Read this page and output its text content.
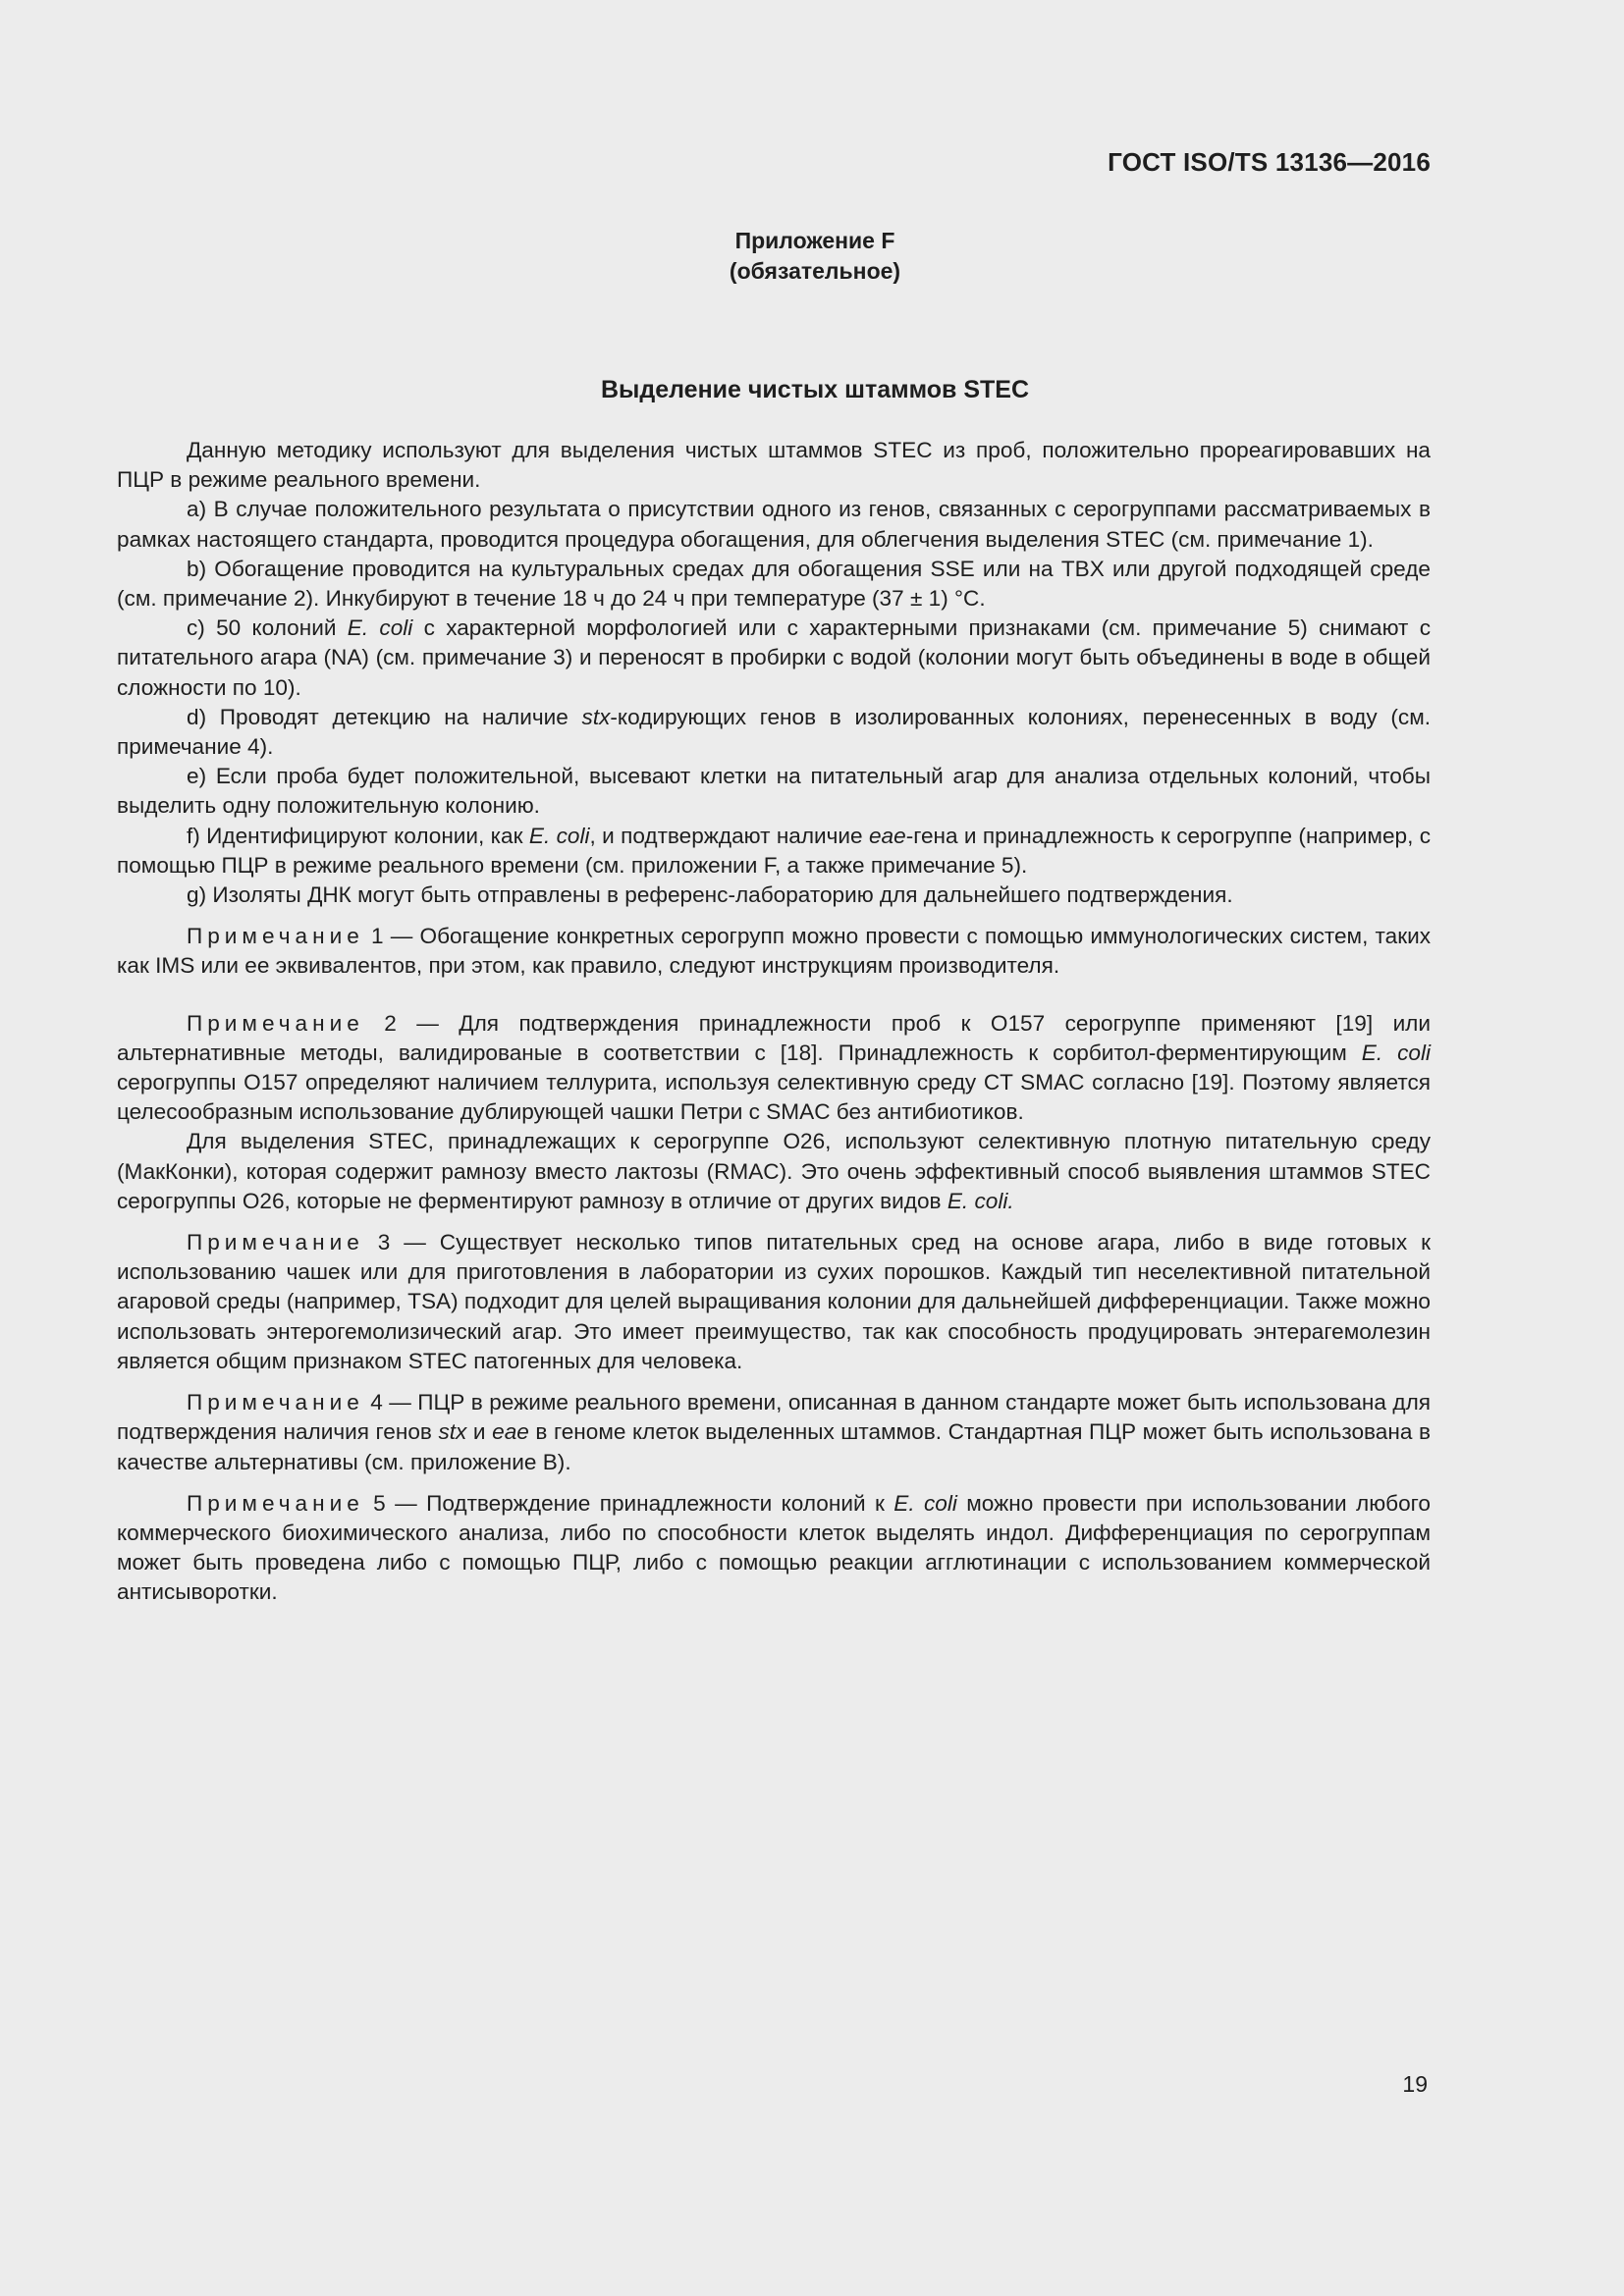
ГОСТ ISO/TS 13136—2016
Приложение F
(обязательное)
Выделение чистых штаммов STEC

Данную методику используют для выделения чистых штаммов STEC из проб, положительно прореагировавших на ПЦР в режиме реального времени.

а) В случае положительного результата о присутствии одного из генов, связанных с серогруппами рассматриваемых в рамках настоящего стандарта, проводится процедура обогащения, для облегчения выделения STEC (см. примечание 1).

b) Обогащение проводится на культуральных средах для обогащения SSE или на TBX или другой подходящей среде (см. примечание 2). Инкубируют в течение 18 ч до 24 ч при температуре (37 ± 1) °C.

c) 50 колоний E. coli с характерной морфологией или с характерными признаками (см. примечание 5) снимают с питательного агара (NA) (см. примечание 3) и переносят в пробирки с водой (колонии могут быть объединены в воде в общей сложности по 10).

d) Проводят детекцию на наличие stx-кодирующих генов в изолированных колониях, перенесенных в воду (см. примечание 4).

e) Если проба будет положительной, высевают клетки на питательный агар для анализа отдельных колоний, чтобы выделить одну положительную колонию.

f) Идентифицируют колонии, как E. coli, и подтверждают наличие eae-гена и принадлежность к серогруппе (например, с помощью ПЦР в режиме реального времени (см. приложении F, а также примечание 5).

g) Изоляты ДНК могут быть отправлены в референс-лабораторию для дальнейшего подтверждения.

Примечание 1 — Обогащение конкретных серогрупп можно провести с помощью иммунологических систем, таких как IMS или ее эквивалентов, при этом, как правило, следуют инструкциям производителя.

Примечание 2 — Для подтверждения принадлежности проб к O157 серогруппе применяют [19] или альтернативные методы, валидированые в соответствии с [18]. Принадлежность к сорбитол-ферментирующим E. coli серогруппы O157 определяют наличием теллурита, используя селективную среду CT SMAC согласно [19]. Поэтому является целесообразным использование дублирующей чашки Петри с SMAC без антибиотиков.

Для выделения STEC, принадлежащих к серогруппе O26, используют селективную плотную питательную среду (МакКонки), которая содержит рамнозу вместо лактозы (RMAC). Это очень эффективный способ выявления штаммов STEC серогруппы O26, которые не ферментируют рамнозу в отличие от других видов E. coli.

Примечание 3 — Существует несколько типов питательных сред на основе агара, либо в виде готовых к использованию чашек или для приготовления в лаборатории из сухих порошков. Каждый тип неселективной питательной агаровой среды (например, TSA) подходит для целей выращивания колонии для дальнейшей дифференциации. Также можно использовать энтерогемолизический агар. Это имеет преимущество, так как способность продуцировать энтерагемолезин является общим признаком STEC патогенных для человека.

Примечание 4 — ПЦР в режиме реального времени, описанная в данном стандарте может быть использована для подтверждения наличия генов stx и eae в геноме клеток выделенных штаммов. Стандартная ПЦР может быть использована в качестве альтернативы (см. приложение В).

Примечание 5 — Подтверждение принадлежности колоний к E. coli можно провести при использовании любого коммерческого биохимического анализа, либо по способности клеток выделять индол. Дифференциация по серогруппам может быть проведена либо с помощью ПЦР, либо с помощью реакции агглютинации с использованием коммерческой антисыворотки.

19
